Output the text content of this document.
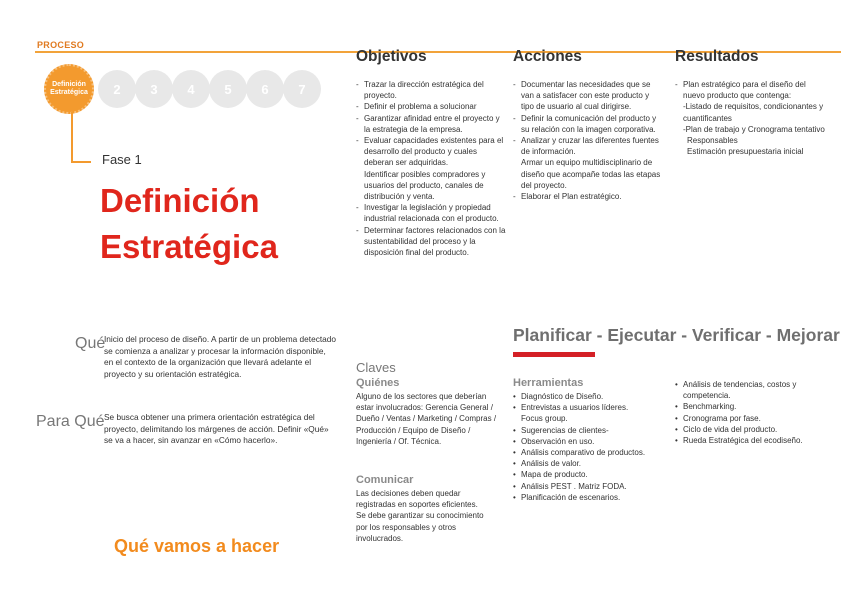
PROCESO
Definición Estratégica	2 3 4 5 6 7
Fase 1
Definición
Estratégica
Qué
Inicio del proceso de diseño. A partir de un problema detectado se comienza a analizar y procesar la información disponible, en el contexto de la organización que llevará adelante el proyecto y su orientación estratégica.
Para Qué Se busca obtener una primera orientación estratégica del proyecto, delimitando los márgenes de acción. Definir «Qué» se va a hacer, sin avanzar en «Cómo hacerlo».
Qué vamos a hacer
Objetivos
- Trazar la dirección estratégica del proyecto.
- Definir el problema a solucionar
- Garantizar afinidad entre el proyecto y la estrategia de la empresa.
- Evaluar capacidades existentes para el desarrollo del producto y cuales deberan ser adquiridas.
Identificar posibles compradores y usuarios del producto, canales de distribución y venta.
- Investigar la legislación y propiedad industrial relacionada con el producto.
- Determinar factores relacionados con la sustentabilidad del proceso y la disposición final del producto.
Acciones
- Documentar las necesidades que se van a satisfacer con este producto y tipo de usuario al cual dirigirse.
- Definir la comunicación del producto y su relación con la imagen corporativa.
- Analizar y cruzar las diferentes fuentes de información.
Armar un equipo multidisciplinario de diseño que acompañe todas las etapas del proyecto.
- Elaborar el Plan estratégico.
Resultados
- Plan estratégico para el diseño del nuevo producto que contenga:
-Listado de requisitos, condicionantes y cuantificantes
-Plan de trabajo y Cronograma tentativo
Responsables
Estimación presupuestaria inicial
Planificar - Ejecutar - Verificar - Mejorar
Claves
Quiénes
Alguno de los sectores que deberían estar involucrados: Gerencia General / Dueño / Ventas / Marketing / Compras / Producción / Equipo de Diseño / Ingeniería / Of. Técnica.
Comunicar
Las decisiones deben quedar registradas en soportes eficientes. Se debe garantizar su conocimiento por los responsables y otros involucrados.
Herramientas
• Diagnóstico de Diseño.
• Entrevistas a usuarios líderes. Focus group.
• Sugerencias de clientes-
• Observación en uso.
• Análisis comparativo de productos.
• Análisis de valor.
• Mapa de producto.
• Análisis PEST . Matriz FODA.
• Planificación de escenarios.
• Análisis de tendencias, costos y competencia.
• Benchmarking.
• Cronograma por fase.
• Ciclo de vida del producto.
• Rueda Estratégica del ecodiseño.
